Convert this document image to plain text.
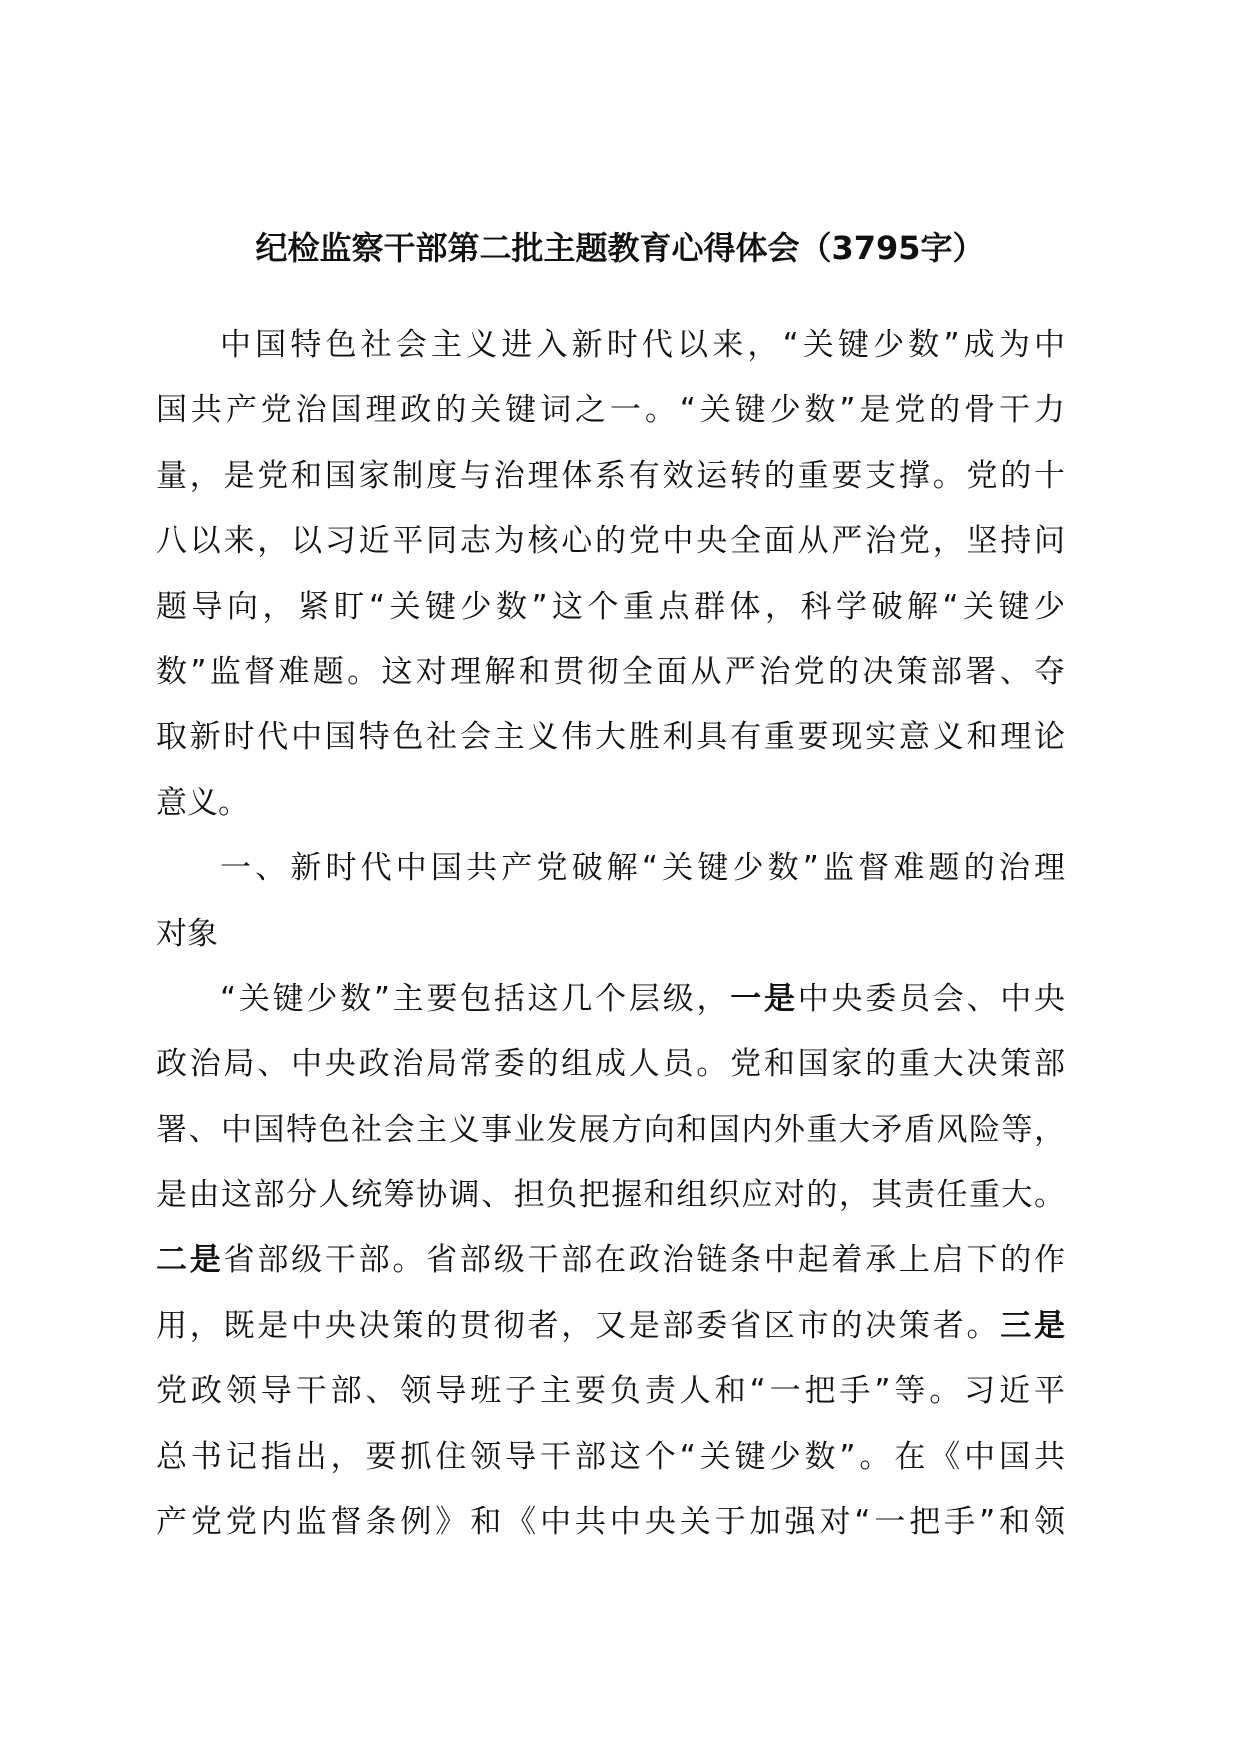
纪检监察干部第二批主题教育心得体会（3795字）
中国特色社会主义进入新时代以来，“关键少数”成为中
国共产党治国理政的关键词之一。“关键少数”是党的骨干力
量，是党和国家制度与治理体系有效运转的重要支撑。党的十
八以来，以习近平同志为核心的党中央全面从严治党，坚持问
题导向，紧盯“关键少数”这个重点群体，科学破解“关键少
数”监督难题。这对理解和贯彻全面从严治党的决策部署、夺
取新时代中国特色社会主义伟大胜利具有重要现实意义和理论
意义。
一、新时代中国共产党破解“关键少数”监督难题的治理
对象
“关键少数”主要包括这几个层级，一是中央委员会、中央
政治局、中央政治局常委的组成人员。党和国家的重大决策部
署、中国特色社会主义事业发展方向和国内外重大矛盾风险等，
是由这部分人统筹协调、担负把握和组织应对的，其责任重大。
二是省部级干部。省部级干部在政治链条中起着承上启下的作
用，既是中央决策的贯彻者，又是部委省区市的决策者。三是
党政领导干部、领导班子主要负责人和“一把手”等。习近平
总书记指出，要抓住领导干部这个“关键少数”。在《中国共
产党党内监督条例》和《中共中央关于加强对“一把手”和领
